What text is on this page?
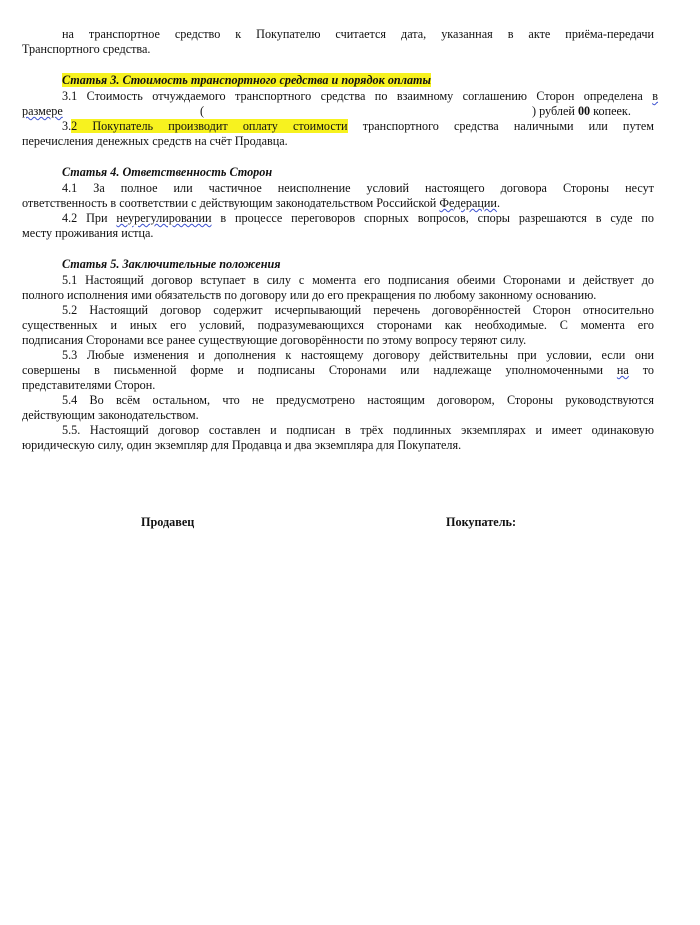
на транспортное средство к Покупателю считается дата, указанная в акте приёма-передачи
Транспортного средства.
Статья 3. Стоимость транспортного средства и порядок оплаты
3.1 Стоимость отчуждаемого транспортного средства по взаимному соглашению Сторон определена в
размере	(	) рублей 00 копеек.
3.2 Покупатель производит оплату стоимости транспортного средства наличными или путем
перечисления денежных средств на счёт Продавца.
Статья 4. Ответственность Сторон
4.1 За полное или частичное неисполнение условий настоящего договора Стороны несут
ответственность в соответствии с действующим законодательством Российской Федерации.
4.2 При неурегулировании в процессе переговоров спорных вопросов, споры разрешаются в суде по
месту проживания истца.
Статья 5. Заключительные положения
5.1 Настоящий договор вступает в силу с момента его подписания обеими Сторонами и действует до
полного исполнения ими обязательств по договору или до его прекращения по любому законному основанию.
5.2 Настоящий договор содержит исчерпывающий перечень договорённостей Сторон относительно
существенных и иных его условий, подразумевающихся сторонами как необходимые. С момента его
подписания Сторонами все ранее существующие договорённости по этому вопросу теряют силу.
5.3 Любые изменения и дополнения к настоящему договору действительны при условии, если они
совершены в письменной форме и подписаны Сторонами или надлежаще уполномоченными на то
представителями Сторон.
5.4 Во всём остальном, что не предусмотрено настоящим договором, Стороны руководствуются
действующим законодательством.
5.5. Настоящий договор составлен и подписан в трёх подлинных экземплярах и имеет одинаковую
юридическую силу, один экземпляр для Продавца и два экземпляра для Покупателя.
Продавец	Покупатель:
